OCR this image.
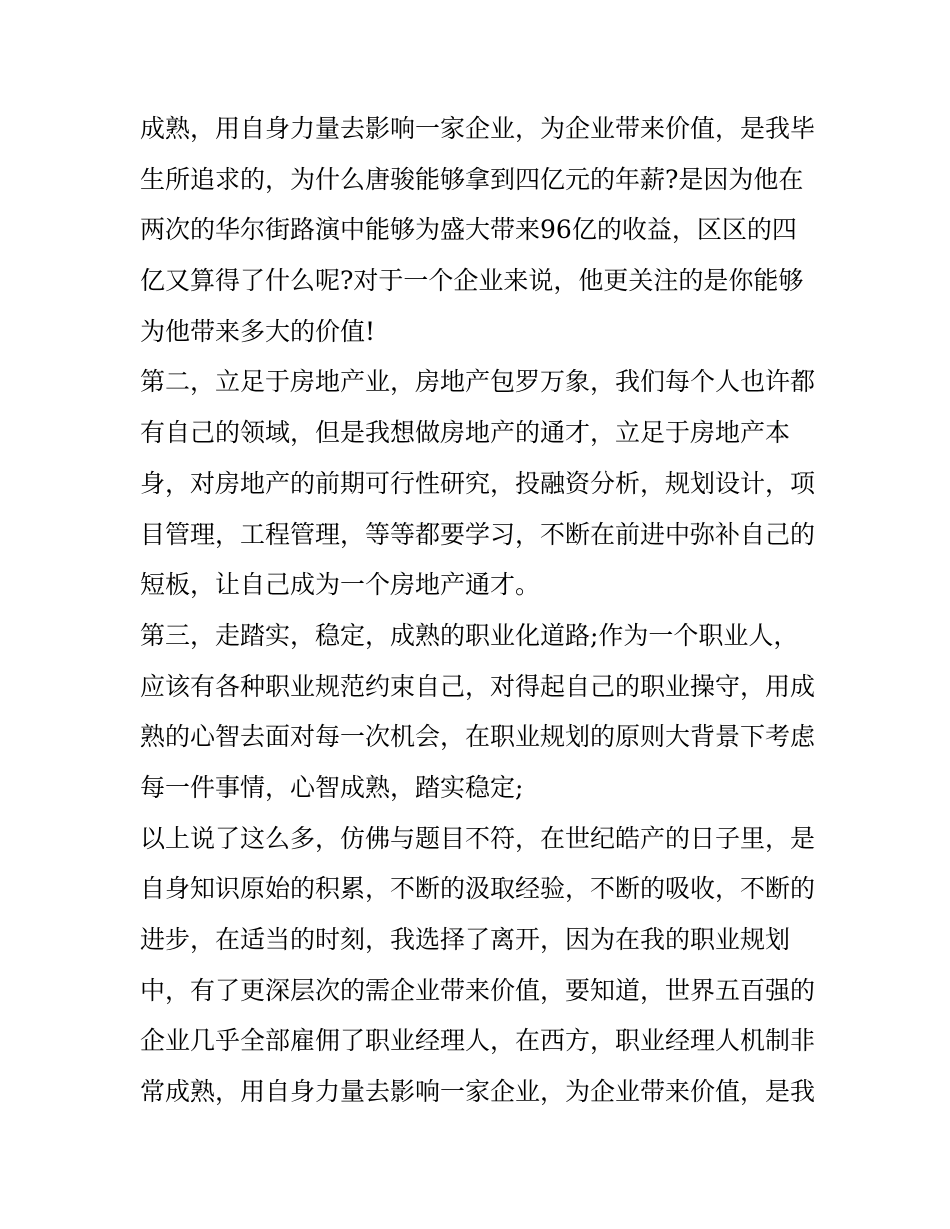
成熟，用自身力量去影响一家企业，为企业带来价值，是我毕
生所追求的，为什么唐骏能够拿到四亿元的年薪?是因为他在
两次的华尔街路演中能够为盛大带来96亿的收益，区区的四
亿又算得了什么呢?对于一个企业来说，他更关注的是你能够
为他带来多大的价值!
第二，立足于房地产业，房地产包罗万象，我们每个人也许都
有自己的领域，但是我想做房地产的通才，立足于房地产本
身，对房地产的前期可行性研究，投融资分析，规划设计，项
目管理，工程管理，等等都要学习，不断在前进中弥补自己的
短板，让自己成为一个房地产通才。
第三，走踏实，稳定，成熟的职业化道路;作为一个职业人，
应该有各种职业规范约束自己，对得起自己的职业操守，用成
熟的心智去面对每一次机会，在职业规划的原则大背景下考虑
每一件事情，心智成熟，踏实稳定;
以上说了这么多，仿佛与题目不符，在世纪皓产的日子里，是
自身知识原始的积累，不断的汲取经验，不断的吸收，不断的
进步，在适当的时刻，我选择了离开，因为在我的职业规划
中，有了更深层次的需企业带来价值，要知道，世界五百强的
企业几乎全部雇佣了职业经理人，在西方，职业经理人机制非
常成熟，用自身力量去影响一家企业，为企业带来价值，是我
